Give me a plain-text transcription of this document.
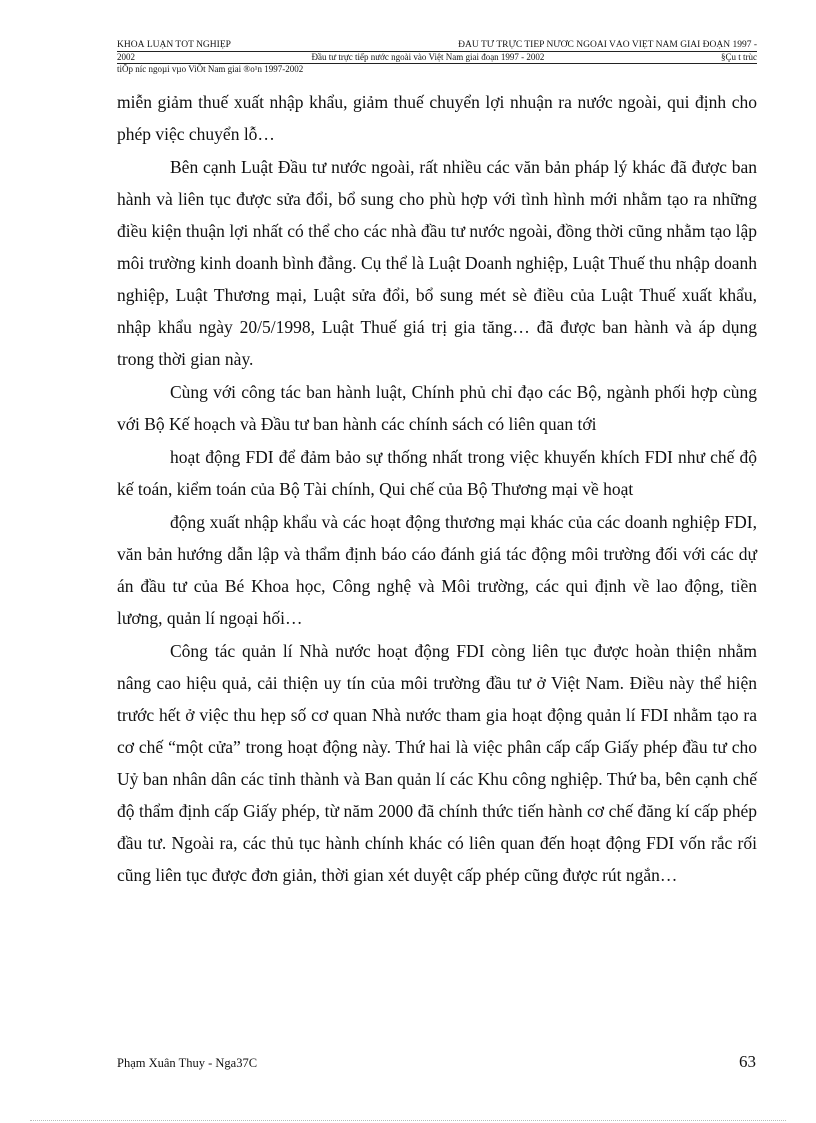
KHOÁ LUẬN TỐT NGHIỆP	ĐẦU TƯ TRỰC TIẾP NƯỚC NGOÀI VÀO VIỆT NAM GIAI ĐOẠN 1997 -
2002	Đầu tư trực tiếp nước ngoài vào Việt Nam giai đoạn 1997 - 2002	§Çu t trùc
tiÕp níc ngoµi vµo ViÖt Nam giai ®o¹n 1997-2002

miễn giảm thuế xuất nhập khẩu, giảm thuế chuyển lợi nhuận ra nước ngoài, qui định cho phép việc chuyển lỗ…

Bên cạnh Luật Đầu tư nước ngoài, rất nhiều các văn bản pháp lý khác đã được ban hành và liên tục được sửa đổi, bổ sung cho phù hợp với tình hình mới nhằm tạo ra những điều kiện thuận lợi nhất có thể cho các nhà đầu tư nước ngoài, đồng thời cũng nhằm tạo lập môi trường kinh doanh bình đẳng. Cụ thể là Luật Doanh nghiệp, Luật Thuế thu nhập doanh nghiệp, Luật Thương mại, Luật sửa đổi, bổ sung mét sè điều của Luật Thuế xuất khẩu, nhập khẩu ngày 20/5/1998, Luật Thuế giá trị gia tăng… đã được ban hành và áp dụng trong thời gian này.

Cùng với công tác ban hành luật, Chính phủ chỉ đạo các Bộ, ngành phối hợp cùng với Bộ Kế hoạch và Đầu tư ban hành các chính sách có liên quan tới

hoạt động FDI để đảm bảo sự thống nhất trong việc khuyến khích FDI như chế độ kế toán, kiểm toán của Bộ Tài chính, Qui chế của Bộ Thương mại về hoạt

động xuất nhập khẩu và các hoạt động thương mại khác của các doanh nghiệp FDI, văn bản hướng dẫn lập và thẩm định báo cáo đánh giá tác động môi trường đối với các dự án đầu tư của Bé Khoa học, Công nghệ và Môi trường, các qui định về lao động, tiền lương, quản lí ngoại hối…

Công tác quản lí Nhà nước hoạt động FDI còng liên tục được hoàn thiện nhằm nâng cao hiệu quả, cải thiện uy tín của môi trường đầu tư ở Việt Nam. Điều này thể hiện trước hết ở việc thu hẹp số cơ quan Nhà nước tham gia hoạt động quản lí FDI nhằm tạo ra cơ chế “một cửa” trong hoạt động này. Thứ hai là việc phân cấp cấp Giấy phép đầu tư cho Uỷ ban nhân dân các tỉnh thành và Ban quản lí các Khu công nghiệp. Thứ ba, bên cạnh chế độ thẩm định cấp Giấy phép, từ năm 2000 đã chính thức tiến hành cơ chế đăng kí cấp phép đầu tư. Ngoài ra, các thủ tục hành chính khác có liên quan đến hoạt động FDI vốn rắc rối cũng liên tục được đơn giản, thời gian xét duyệt cấp phép cũng được rút ngắn…

Phạm Xuân Thuy - Nga37C	63
